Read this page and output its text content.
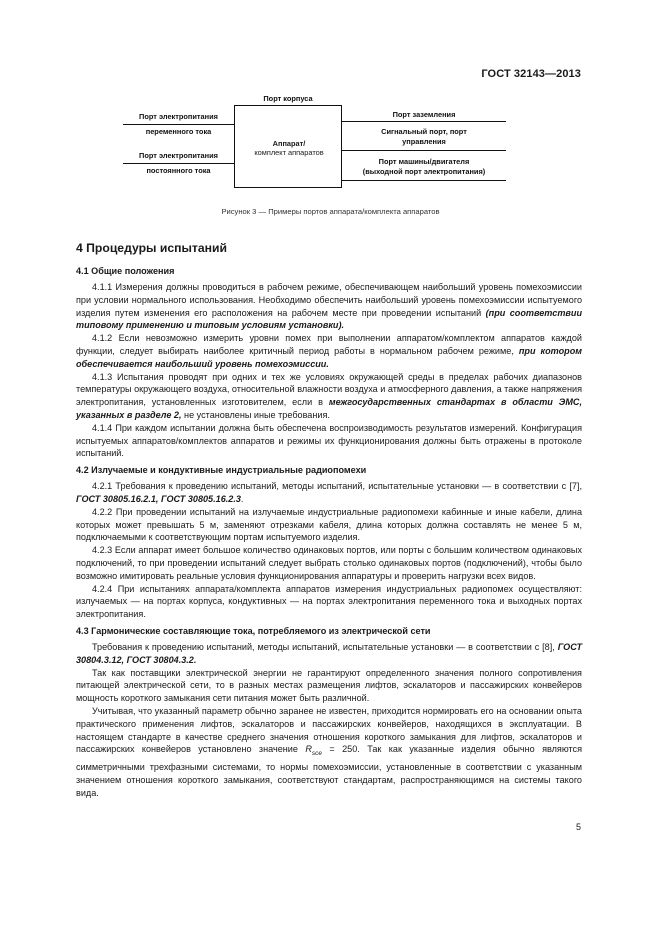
ГОСТ 32143—2013
Порт корпуса
Аппарат/
комплект аппаратов
Порт электропитания
переменного тока
Порт электропитания
постоянного тока
Порт заземления
Сигнальный порт, порт
управления
Порт машины/двигателя
(выходной порт электропитания)
Рисунок 3 — Примеры портов аппарата/комплекта аппаратов
4 Процедуры испытаний
4.1 Общие положения

4.1.1 Измерения должны проводиться в рабочем режиме, обеспечивающем наибольший уровень помехоэмиссии при условии нормального использования. Необходимо обеспечить наибольший уровень помехоэмиссии испытуемого изделия путем изменения его расположения на рабочем месте при проведении испытаний (при соответствии типовому применению и типовым условиям установки).

4.1.2 Если невозможно измерить уровни помех при выполнении аппаратом/комплектом аппаратов каждой функции, следует выбирать наиболее критичный период работы в нормальном рабочем режиме, при котором обеспечивается наибольший уровень помехоэмиссии.

4.1.3 Испытания проводят при одних и тех же условиях окружающей среды в пределах рабочих диапазонов температуры окружающего воздуха, относительной влажности воздуха и атмосферного давления, а также напряжения электропитания, установленных изготовителем, если в межгосударственных стандартах в области ЭМС, указанных в разделе 2, не установлены иные требования.

4.1.4 При каждом испытании должна быть обеспечена воспроизводимость результатов измерений. Конфигурация испытуемых аппаратов/комплектов аппаратов и режимы их функционирования должны быть отражены в протоколе испытаний.

4.2 Излучаемые и кондуктивные индустриальные радиопомехи

4.2.1 Требования к проведению испытаний, методы испытаний, испытательные установки — в соответствии с [7], ГОСТ 30805.16.2.1, ГОСТ 30805.16.2.3.

4.2.2 При проведении испытаний на излучаемые индустриальные радиопомехи кабинные и иные кабели, длина которых может превышать 5 м, заменяют отрезками кабеля, длина которых должна составлять не менее 5 м, подключаемыми к соответствующим портам испытуемого изделия.

4.2.3 Если аппарат имеет большое количество одинаковых портов, или порты с большим количеством одинаковых подключений, то при проведении испытаний следует выбрать столько одинаковых портов (подключений), чтобы было возможно имитировать реальные условия функционирования аппаратуры и проверить нагрузки всех видов.

4.2.4 При испытаниях аппарата/комплекта аппаратов измерения индустриальных радиопомех осуществляют: излучаемых — на портах корпуса, кондуктивных — на портах электропитания переменного тока и выходных портах электропитания.

4.3 Гармонические составляющие тока, потребляемого из электрической сети

Требования к проведению испытаний, методы испытаний, испытательные установки — в соответствии с [8], ГОСТ 30804.3.12, ГОСТ 30804.3.2.

Так как поставщики электрической энергии не гарантируют определенного значения полного сопротивления питающей электрической сети, то в разных местах размещения лифтов, эскалаторов и пассажирских конвейеров мощность короткого замыкания сети питания может быть различной.

Учитывая, что указанный параметр обычно заранее не известен, приходится нормировать его на основании опыта практического применения лифтов, эскалаторов и пассажирских конвейеров, находящихся в эксплуатации. В настоящем стандарте в качестве среднего значения отношения короткого замыкания для лифтов, эскалаторов и пассажирских конвейеров установлено значение $R_{sce} = 250$. Так как указанные изделия обычно являются симметричными трехфазными системами, то нормы помехоэмиссии, установленные в соответствии с указанным значением отношения короткого замыкания, соответствуют стандартам, распространяющимся на системы такого вида.

5
